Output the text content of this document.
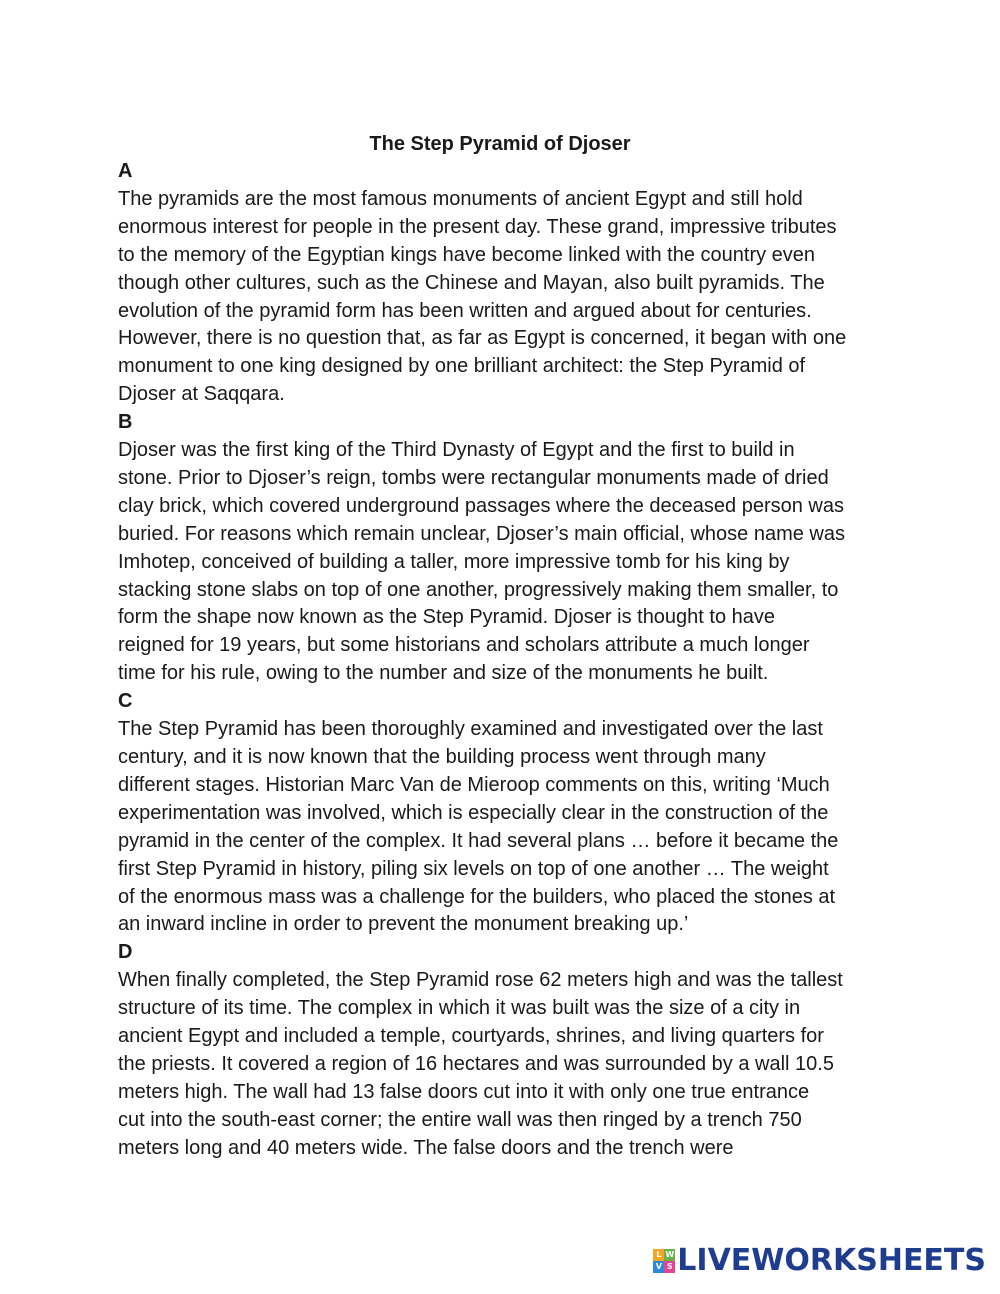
The Step Pyramid of Djoser
A
The pyramids are the most famous monuments of ancient Egypt and still hold
enormous interest for people in the present day. These grand, impressive tributes
to the memory of the Egyptian kings have become linked with the country even
though other cultures, such as the Chinese and Mayan, also built pyramids. The
evolution of the pyramid form has been written and argued about for centuries.
However, there is no question that, as far as Egypt is concerned, it began with one
monument to one king designed by one brilliant architect: the Step Pyramid of
Djoser at Saqqara.
B
Djoser was the first king of the Third Dynasty of Egypt and the first to build in
stone. Prior to Djoser’s reign, tombs were rectangular monuments made of dried
clay brick, which covered underground passages where the deceased person was
buried. For reasons which remain unclear, Djoser’s main official, whose name was
Imhotep, conceived of building a taller, more impressive tomb for his king by
stacking stone slabs on top of one another, progressively making them smaller, to
form the shape now known as the Step Pyramid. Djoser is thought to have
reigned for 19 years, but some historians and scholars attribute a much longer
time for his rule, owing to the number and size of the monuments he built.
C
The Step Pyramid has been thoroughly examined and investigated over the last
century, and it is now known that the building process went through many
different stages. Historian Marc Van de Mieroop comments on this, writing ‘Much
experimentation was involved, which is especially clear in the construction of the
pyramid in the center of the complex. It had several plans … before it became the
first Step Pyramid in history, piling six levels on top of one another … The weight
of the enormous mass was a challenge for the builders, who placed the stones at
an inward incline in order to prevent the monument breaking up.’
D
When finally completed, the Step Pyramid rose 62 meters high and was the tallest
structure of its time. The complex in which it was built was the size of a city in
ancient Egypt and included a temple, courtyards, shrines, and living quarters for
the priests. It covered a region of 16 hectares and was surrounded by a wall 10.5
meters high. The wall had 13 false doors cut into it with only one true entrance
cut into the south-east corner; the entire wall was then ringed by a trench 750
meters long and 40 meters wide. The false doors and the trench were
L W
V S LIVEWORKSHEETS
